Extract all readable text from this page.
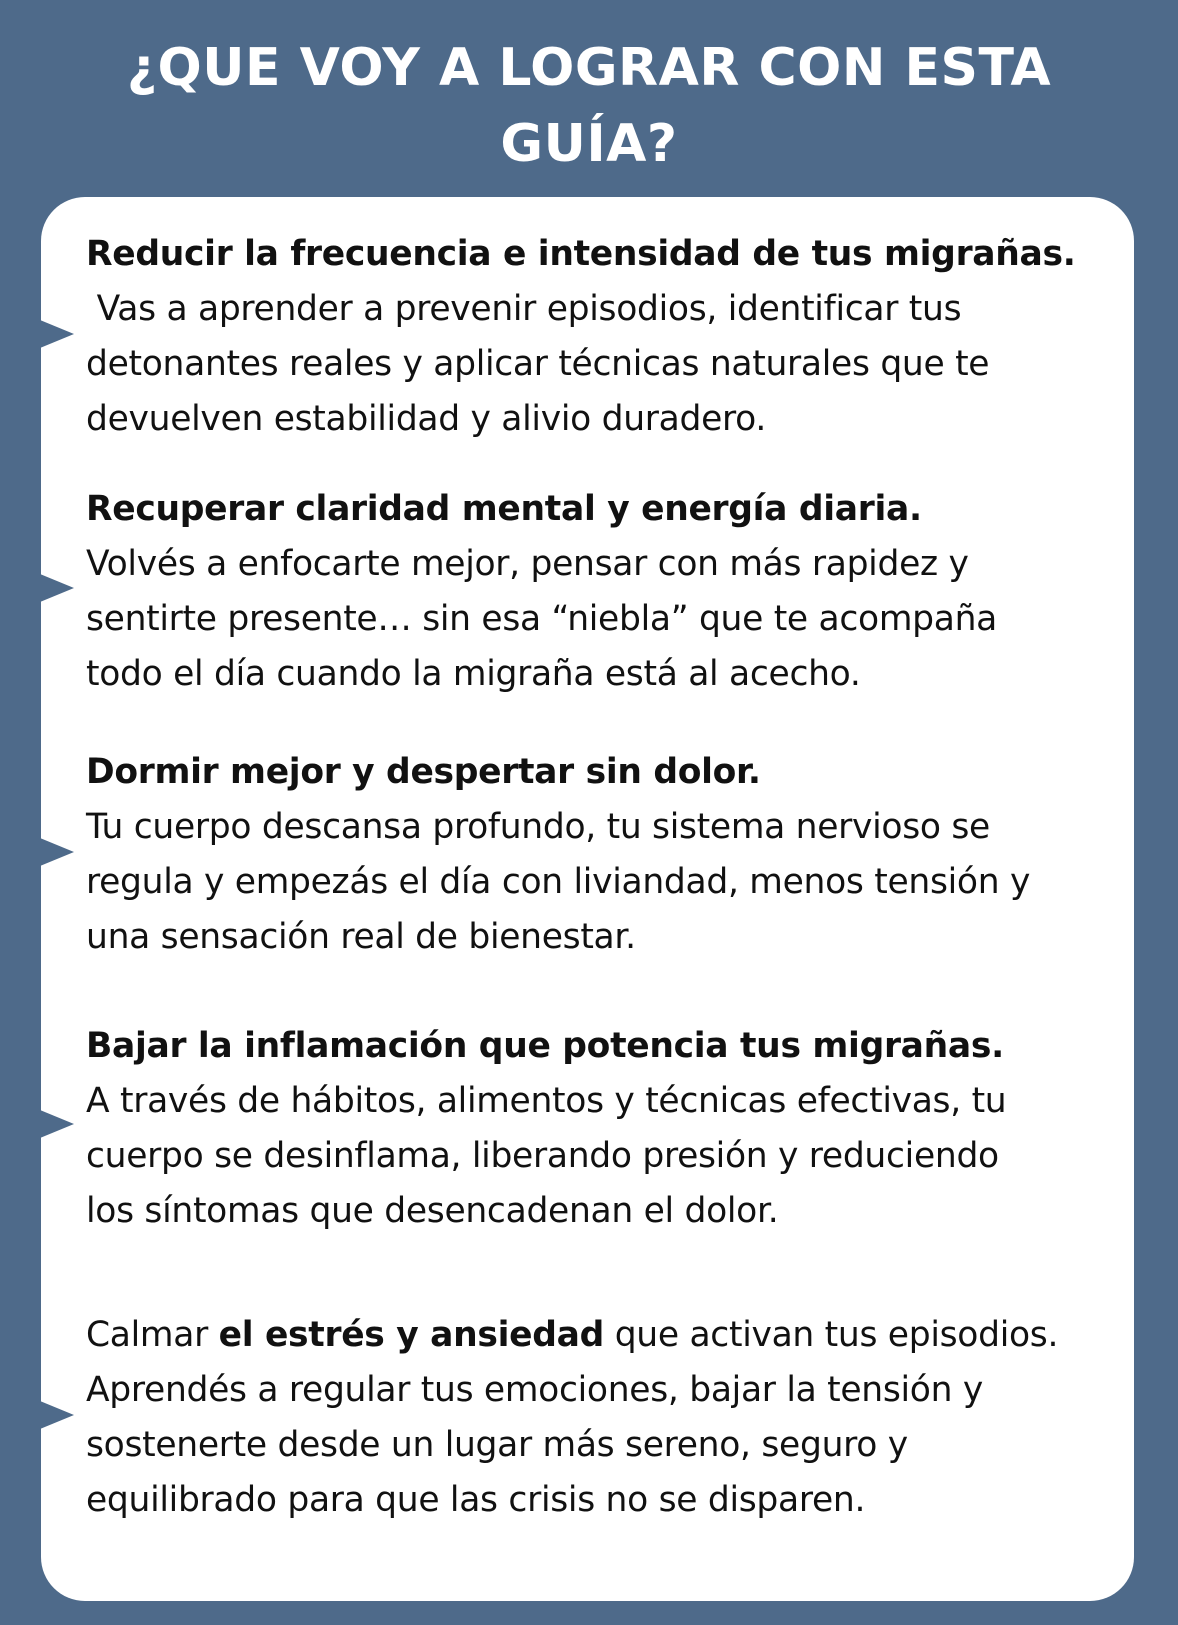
¿QUE VOY A LOGRAR CON ESTA
GUÍA?
Reducir la frecuencia e intensidad de tus migrañas.
Vas a aprender a prevenir episodios, identificar tus
detonantes reales y aplicar técnicas naturales que te
devuelven estabilidad y alivio duradero.
Recuperar claridad mental y energía diaria.
Volvés a enfocarte mejor, pensar con más rapidez y
sentirte presente… sin esa “niebla” que te acompaña
todo el día cuando la migraña está al acecho.
Dormir mejor y despertar sin dolor.
Tu cuerpo descansa profundo, tu sistema nervioso se
regula y empezás el día con liviandad, menos tensión y
una sensación real de bienestar.
Bajar la inflamación que potencia tus migrañas.
A través de hábitos, alimentos y técnicas efectivas, tu
cuerpo se desinflama, liberando presión y reduciendo
los síntomas que desencadenan el dolor.
Calmar el estrés y ansiedad que activan tus episodios.
Aprendés a regular tus emociones, bajar la tensión y
sostenerte desde un lugar más sereno, seguro y
equilibrado para que las crisis no se disparen.
